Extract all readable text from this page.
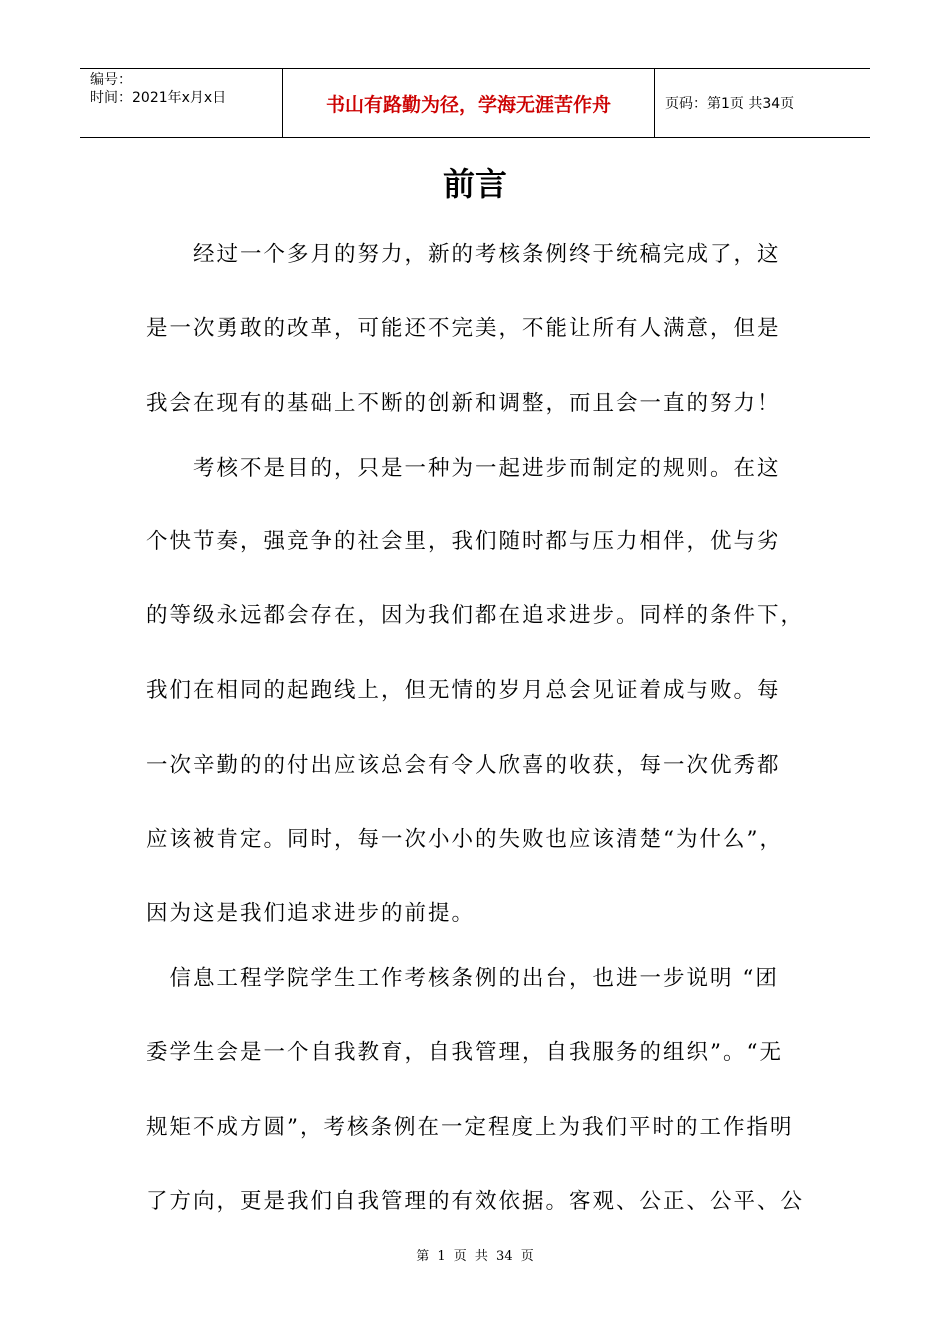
编号：
时间：2021年x月x日	书山有路勤为径，学海无涯苦作舟	页码：第1页 共34页
前言
　　经过一个多月的努力，新的考核条例终于统稿完成了，这
是一次勇敢的改革，可能还不完美，不能让所有人满意，但是
我会在现有的基础上不断的创新和调整，而且会一直的努力！
　　考核不是目的，只是一种为一起进步而制定的规则。在这
个快节奏，强竞争的社会里，我们随时都与压力相伴，优与劣
的等级永远都会存在，因为我们都在追求进步。同样的条件下，
我们在相同的起跑线上，但无情的岁月总会见证着成与败。每
一次辛勤的的付出应该总会有令人欣喜的收获，每一次优秀都
应该被肯定。同时，每一次小小的失败也应该清楚“为什么”，
因为这是我们追求进步的前提。
　信息工程学院学生工作考核条例的出台，也进一步说明 “团
委学生会是一个自我教育，自我管理，自我服务的组织”。“无
规矩不成方圆”，考核条例在一定程度上为我们平时的工作指明
了方向，更是我们自我管理的有效依据。客观、公正、公平、公
第 1 页 共 34 页
